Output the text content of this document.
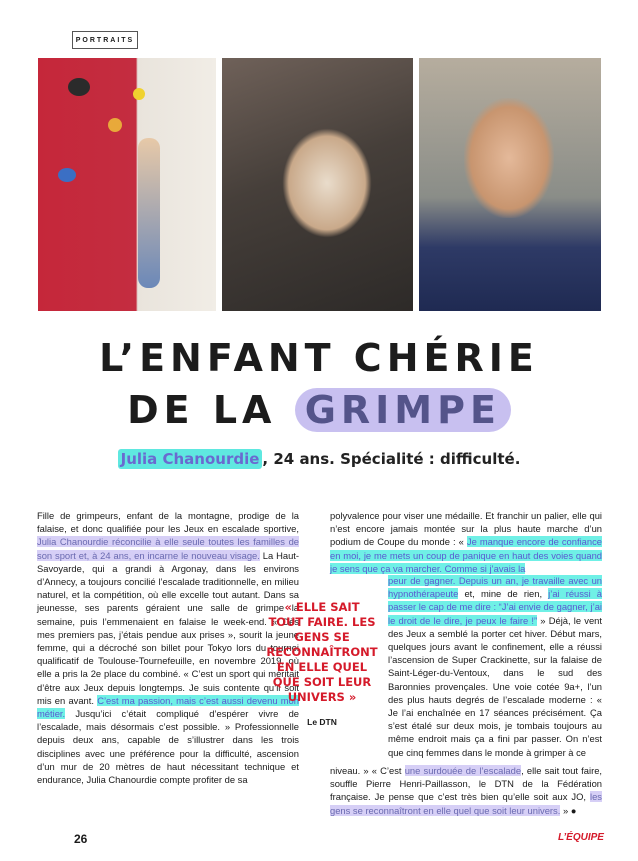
PORTRAITS
L’ENFANT CHÉRIE
DE LA GRIMPE
Julia Chanourdie , 24 ans. Spécialité : difficulté.
Fille de grimpeurs, enfant de la montagne, prodige de la falaise, et donc qualifiée pour les Jeux en escalade sportive, Julia Chanourdie réconcilie à elle seule toutes les familles de son sport et, à 24 ans, en incarne le nouveau visage. La Haut-Savoyarde, qui a grandi à Argonay, dans les environs d’Annecy, a toujours concilié l’escalade traditionnelle, en milieu naturel, et la compétition, où elle excelle tout autant. Dans sa jeunesse, ses parents géraient une salle de grimpe la semaine, puis l’emmenaient en falaise le week-end. « Dès mes premiers pas, j’étais pendue aux prises », sourit la jeune femme, qui a décroché son billet pour Tokyo lors du tournoi qualificatif de Toulouse-Tournefeuille, en novembre 2019, où elle a pris la 2e place du combiné. « C’est un sport qui méritait d’être aux Jeux depuis longtemps. Je suis contente qu’il soit mis en avant. C’est ma passion, mais c’est aussi devenu mon métier. Jusqu’ici c’était compliqué d’espérer vivre de l’escalade, mais désormais c’est possible. » Professionnelle depuis deux ans, capable de s’illustrer dans les trois disciplines avec une préférence pour la difficulté, ascension d’un mur de 20 mètres de haut nécessitant technique et endurance, Julia Chanourdie compte profiter de sa
polyvalence pour viser une médaille. Et franchir un palier, elle qui n’est encore jamais montée sur la plus haute marche d’un podium de Coupe du monde : « Je manque encore de confiance en moi, je me mets un coup de panique en haut des voies quand je sens que ça va marcher. Comme si j’avais la
peur de gagner. Depuis un an, je travaille avec un hypnothérapeute et, mine de rien, j’ai réussi à passer le cap de me dire : “J’ai envie de gagner, j’ai le droit de le dire, je peux le faire !” » Déjà, le vent des Jeux a semblé la porter cet hiver. Début mars, quelques jours avant le confinement, elle a réussi l’ascension de Super Crackinette, sur la falaise de Saint-Léger-du-Ventoux, dans le sud des Baronnies provençales. Une voie cotée 9a+, l’un des plus hauts degrés de l’escalade moderne : « Je l’ai enchaînée en 17 séances précisément. Ça s’est étalé sur deux mois, je tombais toujours au même endroit mais ça a fini par passer. On n’est que cinq femmes dans le monde à grimper à ce
niveau. » « C’est une surdouée de l’escalade, elle sait tout faire, souffle Pierre Henri-Paillasson, le DTN de la Fédération française. Je pense que c’est très bien qu’elle soit aux JO, les gens se reconnaîtront en elle quel que soit leur univers. » ●
« ELLE SAIT TOUT FAIRE. LES GENS SE RECONNAÎTRONT EN ELLE QUEL QUE SOIT LEUR UNIVERS »
Le DTN
26	L’ÉQUIPE
